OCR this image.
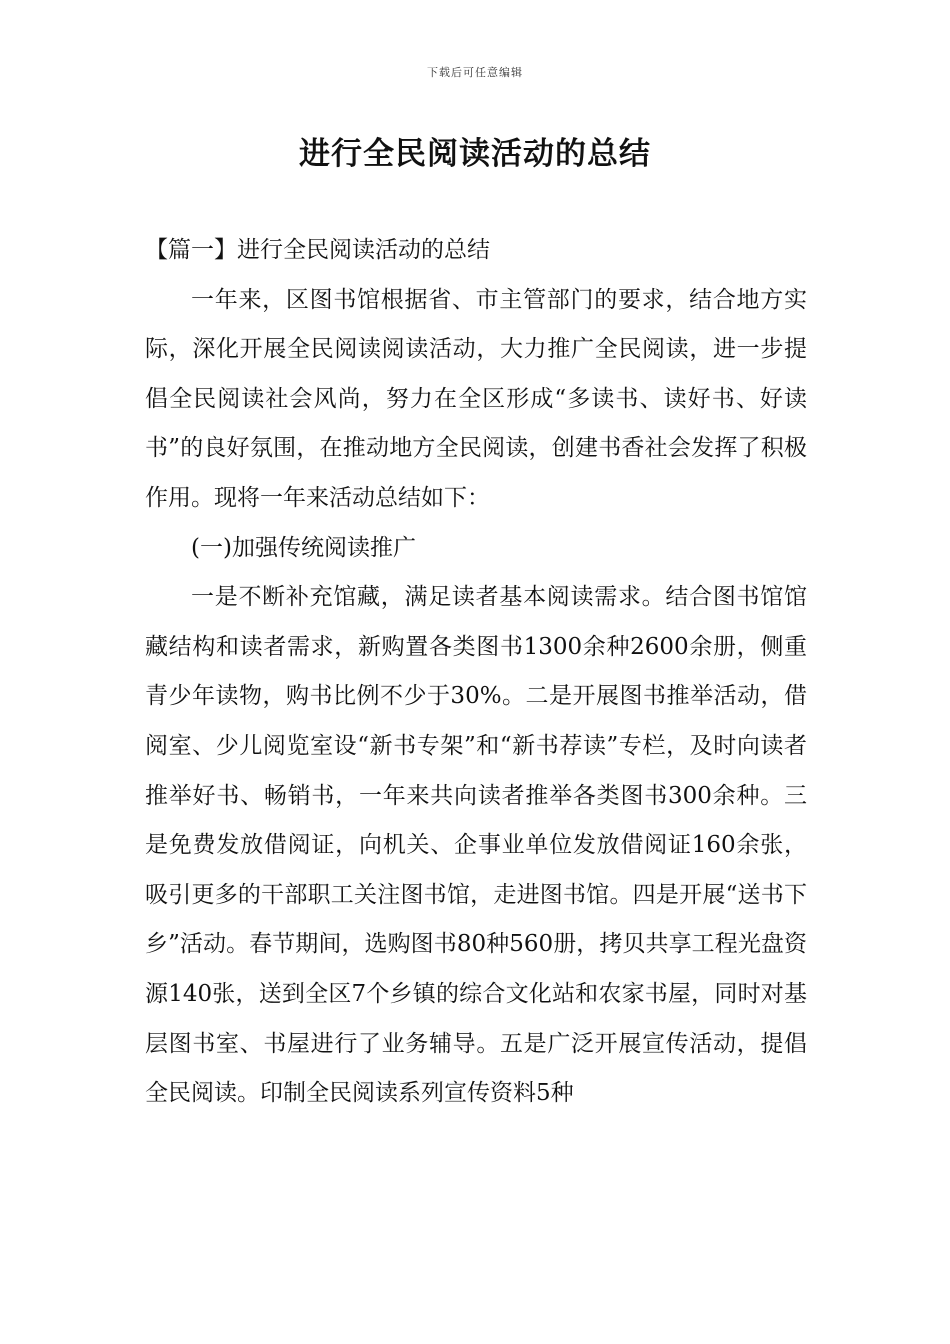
下载后可任意编辑
进行全民阅读活动的总结

【篇一】进行全民阅读活动的总结

一年来，区图书馆根据省、市主管部门的要求，结合地方实际，深化开展全民阅读阅读活动，大力推广全民阅读，进一步提倡全民阅读社会风尚，努力在全区形成“多读书、读好书、好读书”的良好氛围，在推动地方全民阅读，创建书香社会发挥了积极作用。现将一年来活动总结如下：

(一)加强传统阅读推广

一是不断补充馆藏，满足读者基本阅读需求。结合图书馆馆藏结构和读者需求，新购置各类图书1300余种2600余册，侧重青少年读物，购书比例不少于30%。二是开展图书推举活动，借阅室、少儿阅览室设“新书专架”和“新书荐读”专栏，及时向读者推举好书、畅销书，一年来共向读者推举各类图书300余种。三是免费发放借阅证，向机关、企事业单位发放借阅证160余张，吸引更多的干部职工关注图书馆，走进图书馆。四是开展“送书下乡”活动。春节期间，选购图书80种560册，拷贝共享工程光盘资源140张，送到全区7个乡镇的综合文化站和农家书屋，同时对基层图书室、书屋进行了业务辅导。五是广泛开展宣传活动，提倡全民阅读。印制全民阅读系列宣传资料5种
